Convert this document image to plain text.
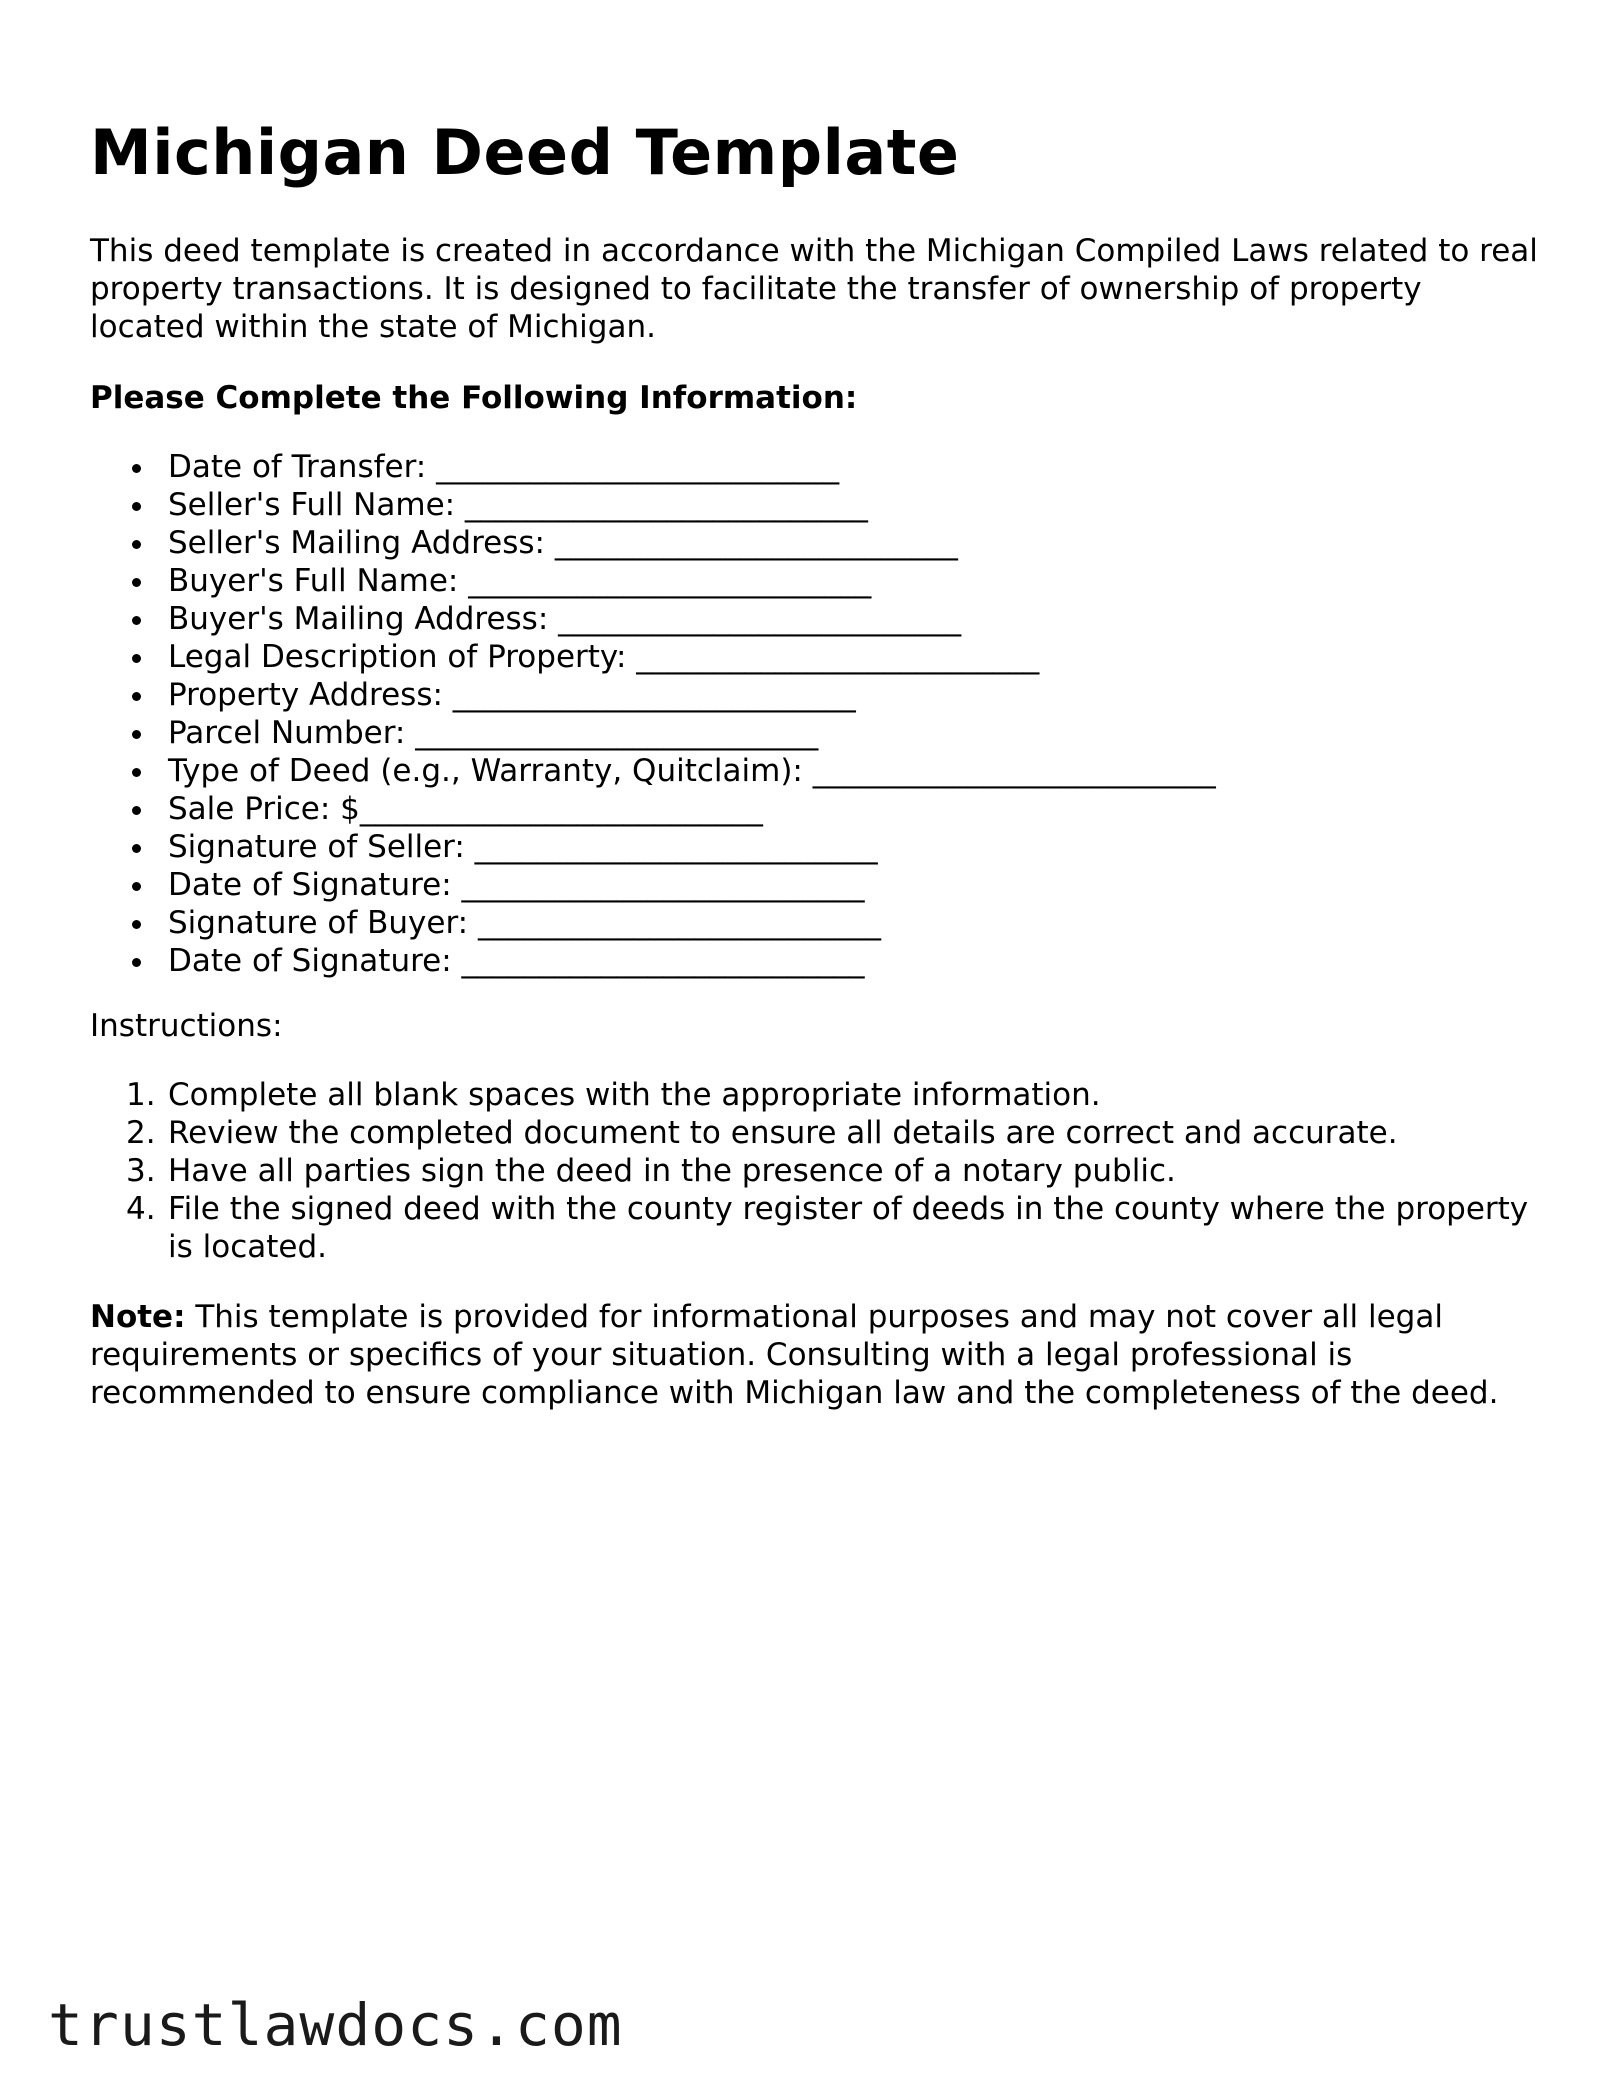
Michigan Deed Template

This deed template is created in accordance with the Michigan Compiled Laws related to real property transactions. It is designed to facilitate the transfer of ownership of property located within the state of Michigan.

Please Complete the Following Information:

Date of Transfer: __________________________
Seller's Full Name: __________________________
Seller's Mailing Address: __________________________
Buyer's Full Name: __________________________
Buyer's Mailing Address: __________________________
Legal Description of Property: __________________________
Property Address: __________________________
Parcel Number: __________________________
Type of Deed (e.g., Warranty, Quitclaim): __________________________
Sale Price: $__________________________
Signature of Seller: __________________________
Date of Signature: __________________________
Signature of Buyer: __________________________
Date of Signature: __________________________

Instructions:

1. Complete all blank spaces with the appropriate information.
2. Review the completed document to ensure all details are correct and accurate.
3. Have all parties sign the deed in the presence of a notary public.
4. File the signed deed with the county register of deeds in the county where the property is located.

Note: This template is provided for informational purposes and may not cover all legal requirements or specifics of your situation. Consulting with a legal professional is recommended to ensure compliance with Michigan law and the completeness of the deed.

trustlawdocs.com
